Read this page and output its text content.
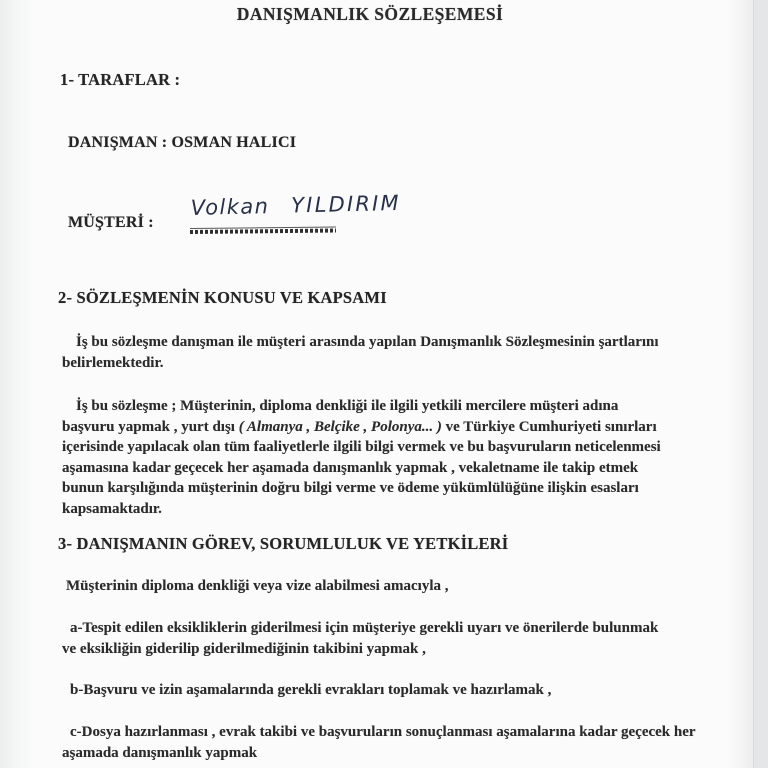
DANIŞMANLIK SÖZLEŞEMESİ
1- TARAFLAR :
DANIŞMAN : OSMAN HALICI
MÜŞTERİ :
Volkan YILDIRIM
2- SÖZLEŞMENİN KONUSU VE KAPSAMI
İş bu sözleşme danışman ile müşteri arasında yapılan Danışmanlık Sözleşmesinin şartlarını belirlemektedir.
İş bu sözleşme ; Müşterinin, diploma denkliği ile ilgili yetkili mercilere müşteri adına başvuru yapmak , yurt dışı ( Almanya , Belçike , Polonya... ) ve Türkiye Cumhuriyeti sınırları içerisinde yapılacak olan tüm faaliyetlerle ilgili bilgi vermek ve bu başvuruların neticelenmesi aşamasına kadar geçecek her aşamada danışmanlık yapmak , vekaletname ile takip etmek bunun karşılığında müşterinin doğru bilgi verme ve ödeme yükümlülüğüne ilişkin esasları kapsamaktadır.
3- DANIŞMANIN GÖREV, SORUMLULUK VE YETKİLERİ
Müşterinin diploma denkliği veya vize alabilmesi amacıyla ,
a-Tespit edilen eksikliklerin giderilmesi için müşteriye gerekli uyarı ve önerilerde bulunmak ve eksikliğin giderilip giderilmediğinin takibini yapmak ,
b-Başvuru ve izin aşamalarında gerekli evrakları toplamak ve hazırlamak ,
c-Dosya hazırlanması , evrak takibi ve başvuruların sonuçlanması aşamalarına kadar geçecek her aşamada danışmanlık yapmak
